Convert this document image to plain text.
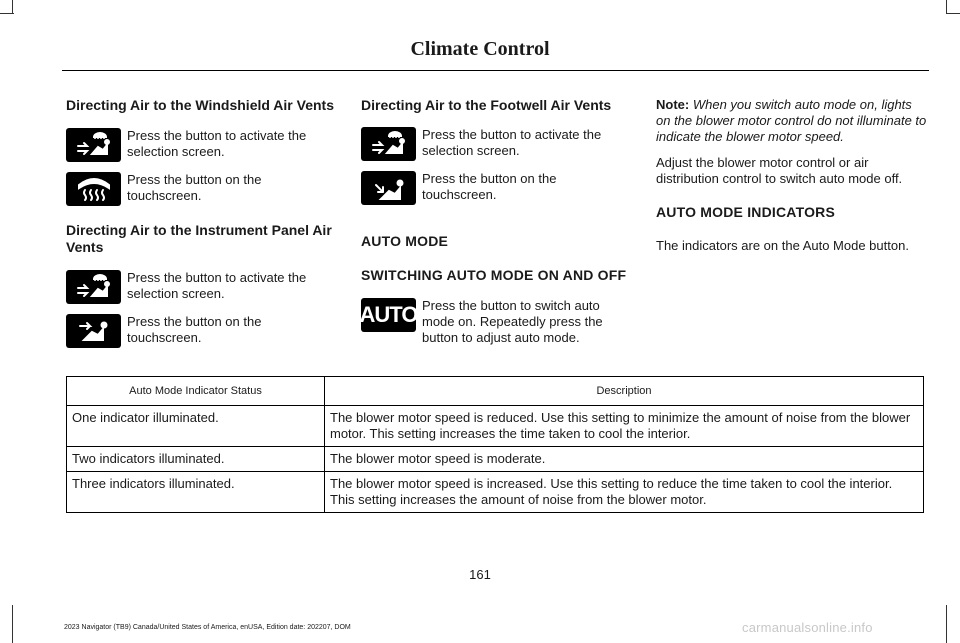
Climate Control
Directing Air to the Windshield Air Vents

Press the button to activate the selection screen.

Press the button on the touchscreen.

Directing Air to the Instrument Panel Air Vents

Press the button to activate the selection screen.

Press the button on the touchscreen.

Directing Air to the Footwell Air Vents

Press the button to activate the selection screen.

Press the button on the touchscreen.

AUTO MODE
SWITCHING AUTO MODE ON AND OFF
AUTO Press the button to switch auto mode on. Repeatedly press the button to adjust auto mode.

Note: When you switch auto mode on, lights on the blower motor control do not illuminate to indicate the blower motor speed.

Adjust the blower motor control or air distribution control to switch auto mode off.

AUTO MODE INDICATORS

The indicators are on the Auto Mode button.

Auto Mode Indicator Status	Description
One indicator illuminated.	The blower motor speed is reduced. Use this setting to minimize the amount of noise from the blower motor. This setting increases the time taken to cool the interior.
Two indicators illuminated.	The blower motor speed is moderate.
Three indicators illuminated.	The blower motor speed is increased. Use this setting to reduce the time taken to cool the interior. This setting increases the amount of noise from the blower motor.
161
2023 Navigator (TB9) Canada/United States of America, enUSA, Edition date: 202207, DOM	carmanualsonline.info
